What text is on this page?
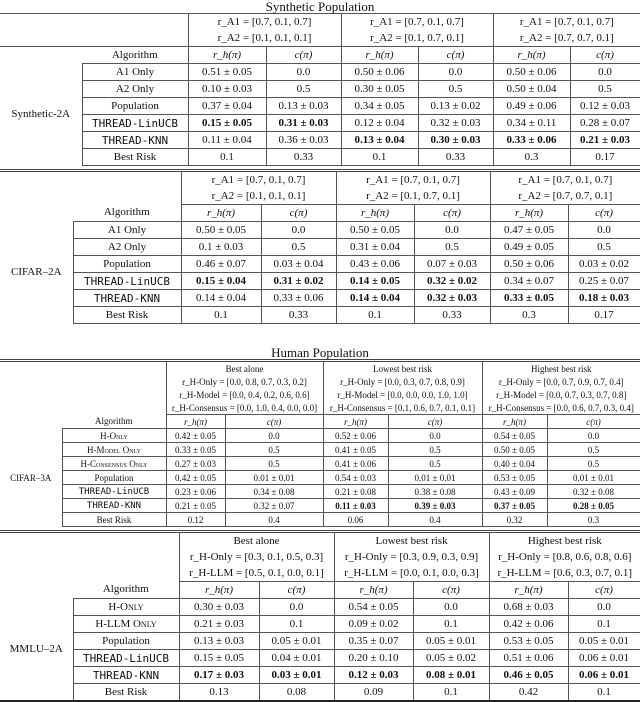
Synthetic Population

		r_A1 = [0.7, 0.1, 0.7]		r_A1 = [0.7, 0.1, 0.7]		r_A1 = [0.7, 0.1, 0.7]	

		r_A2 = [0.1, 0.1, 0.1]		r_A2 = [0.1, 0.7, 0.1]		r_A2 = [0.7, 0.7, 0.1]	
	Algorithm	r_h(π)	c(π)	r_h(π)	c(π)	r_h(π)	c(π)
Synthetic-2A	A1 Only	0.51 ± 0.05	0.0	0.50 ± 0.06	0.0	0.50 ± 0.06	0.0
	A2 Only	0.10 ± 0.03	0.5	0.30 ± 0.05	0.5	0.50 ± 0.04	0.5
	Population	0.37 ± 0.04	0.13 ± 0.03	0.34 ± 0.05	0.13 ± 0.02	0.49 ± 0.06	0.12 ± 0.03
	THREAD-LinUCB	0.15 ± 0.05	0.31 ± 0.03	0.12 ± 0.04	0.32 ± 0.03	0.34 ± 0.11	0.28 ± 0.07
	THREAD-KNN	0.11 ± 0.04	0.36 ± 0.03	0.13 ± 0.04	0.30 ± 0.03	0.33 ± 0.06	0.21 ± 0.03
	Best Risk	0.1	0.33	0.1	0.33	0.3	0.17
		r_A1 = [0.7, 0.1, 0.7]		r_A1 = [0.7, 0.1, 0.7]		r_A1 = [0.7, 0.1, 0.7]	
		r_A2 = [0.1, 0.1, 0.1]		r_A2 = [0.1, 0.7, 0.1]		r_A2 = [0.7, 0.7, 0.1]	
	Algorithm	r_h(π)	c(π)	r_h(π)	c(π)	r_h(π)	c(π)
CIFAR–2A	A1 Only	0.50 ± 0.05	0.0	0.50 ± 0.05	0.0	0.47 ± 0.05	0.0
	A2 Only	0.1 ± 0.03	0.5	0.31 ± 0.04	0.5	0.49 ± 0.05	0.5
	Population	0.46 ± 0.07	0.03 ± 0.04	0.43 ± 0.06	0.07 ± 0.03	0.50 ± 0.06	0.03 ± 0.02
	THREAD-LinUCB	0.15 ± 0.04	0.31 ± 0.02	0.14 ± 0.05	0.32 ± 0.02	0.34 ± 0.07	0.25 ± 0.07
	THREAD-KNN	0.14 ± 0.04	0.33 ± 0.06	0.14 ± 0.04	0.32 ± 0.03	0.33 ± 0.05	0.18 ± 0.03
	Best Risk	0.1	0.33	0.1	0.33	0.3	0.17
Human Population
		Best alone		Lowest best risk		Highest best risk	
		r_H-Only = [0.0, 0.8, 0.7, 0.3, 0.2]		r_H-Only = [0.0, 0.3, 0.7, 0.8, 0.9]		r_H-Only = [0.0, 0.7, 0.9, 0.7, 0.4]	
		r_H-Model = [0.0, 0.4, 0.2, 0.6, 0.6]		r_H-Model = [0.0, 0.0, 0.0, 1.0, 1.0]		r_H-Model = [0.0, 0.7, 0.3, 0.7, 0.8]	
		r_H-Consensus = [0.0, 1.0, 0.4, 0.0, 0.0]		r_H-Consensus = [0.1, 0.6, 0.7, 0.1, 0.1]		r_H-Consensus = [0.0, 0.6, 0.7, 0.3, 0.4]	
	Algorithm	r_h(π)	c(π)	r_h(π)	c(π)	r_h(π)	c(π)
CIFAR–3A	H-Only	0.42 ± 0.05	0.0	0.52 ± 0.06	0.0	0.54 ± 0.05	0.0
	H-Model Only	0.33 ± 0.05	0.5	0.41 ± 0.05	0.5	0.50 ± 0.05	0.5
	H-Consensus Only	0.27 ± 0.03	0.5	0.41 ± 0.06	0.5	0.40 ± 0.04	0.5
	Population	0.42 ± 0.05	0.01 ± 0.01	0.54 ± 0.03	0.01 ± 0.01	0.53 ± 0.05	0.01 ± 0.01
	THREAD-LinUCB	0.23 ± 0.06	0.34 ± 0.08	0.21 ± 0.08	0.38 ± 0.08	0.43 ± 0.09	0.32 ± 0.08
	THREAD-KNN	0.21 ± 0.05	0.32 ± 0.07	0.11 ± 0.03	0.39 ± 0.03	0.37 ± 0.05	0.28 ± 0.05
	Best Risk	0.12	0.4	0.06	0.4	0.32	0.3
		Best alone		Lowest best risk		Highest best risk	
		r_H-Only = [0.3, 0.1, 0.5, 0.3]		r_H-Only = [0.3, 0.9, 0.3, 0.9]		r_H-Only = [0.8, 0.6, 0.8, 0.6]	
		r_H-LLM = [0.5, 0.1, 0.0, 0.1]		r_H-LLM = [0.0, 0.1, 0.0, 0.3]		r_H-LLM = [0.6, 0.3, 0.7, 0.1]	
	Algorithm	r_h(π)	c(π)	r_h(π)	c(π)	r_h(π)	c(π)
MMLU–2A	H-Only	0.30 ± 0.03	0.0	0.54 ± 0.05	0.0	0.68 ± 0.03	0.0
	H-LLM Only	0.21 ± 0.03	0.1	0.09 ± 0.02	0.1	0.42 ± 0.06	0.1
	Population	0.13 ± 0.03	0.05 ± 0.01	0.35 ± 0.07	0.05 ± 0.01	0.53 ± 0.05	0.05 ± 0.01
	THREAD-LinUCB	0.15 ± 0.05	0.04 ± 0.01	0.20 ± 0.10	0.05 ± 0.02	0.51 ± 0.06	0.06 ± 0.01
	THREAD-KNN	0.17 ± 0.03	0.03 ± 0.01	0.12 ± 0.03	0.08 ± 0.01	0.46 ± 0.05	0.06 ± 0.01
	Best Risk	0.13	0.08	0.09	0.1	0.42	0.1
